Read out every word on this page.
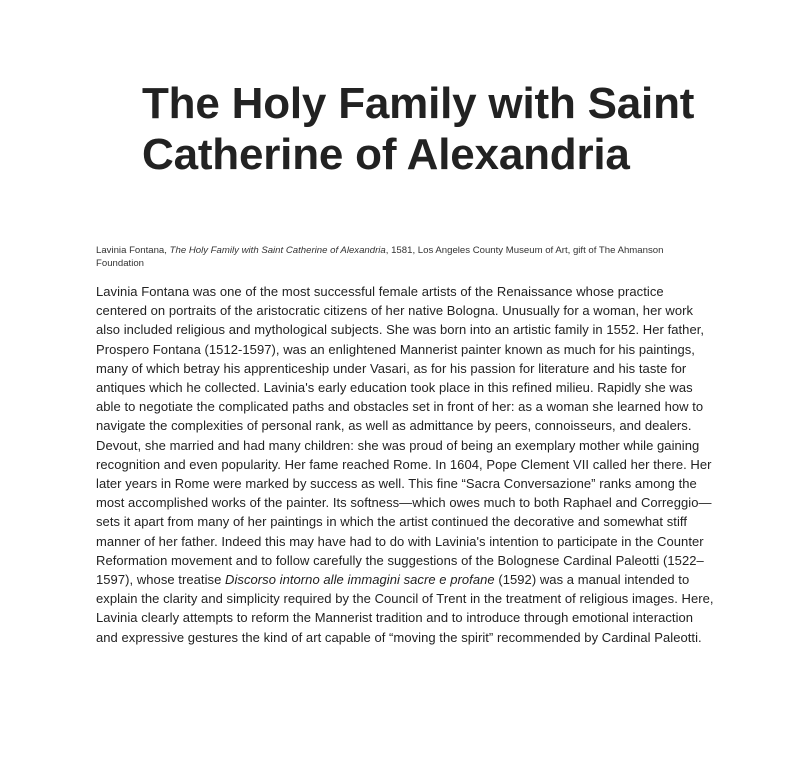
The Holy Family with Saint Catherine of Alexandria

Lavinia Fontana, The Holy Family with Saint Catherine of Alexandria, 1581, Los Angeles County Museum of Art, gift of The Ahmanson Foundation

Lavinia Fontana was one of the most successful female artists of the Renaissance whose practice centered on portraits of the aristocratic citizens of her native Bologna. Unusually for a woman, her work also included religious and mythological subjects. She was born into an artistic family in 1552. Her father, Prospero Fontana (1512-1597), was an enlightened Mannerist painter known as much for his paintings, many of which betray his apprenticeship under Vasari, as for his passion for literature and his taste for antiques which he collected. Lavinia's early education took place in this refined milieu. Rapidly she was able to negotiate the complicated paths and obstacles set in front of her: as a woman she learned how to navigate the complexities of personal rank, as well as admittance by peers, connoisseurs, and dealers. Devout, she married and had many children: she was proud of being an exemplary mother while gaining recognition and even popularity. Her fame reached Rome. In 1604, Pope Clement VII called her there. Her later years in Rome were marked by success as well. This fine “Sacra Conversazione” ranks among the most accomplished works of the painter. Its softness—which owes much to both Raphael and Correggio—sets it apart from many of her paintings in which the artist continued the decorative and somewhat stiff manner of her father. Indeed this may have had to do with Lavinia's intention to participate in the Counter Reformation movement and to follow carefully the suggestions of the Bolognese Cardinal Paleotti (1522–1597), whose treatise Discorso intorno alle immagini sacre e profane (1592) was a manual intended to explain the clarity and simplicity required by the Council of Trent in the treatment of religious images. Here, Lavinia clearly attempts to reform the Mannerist tradition and to introduce through emotional interaction and expressive gestures the kind of art capable of “moving the spirit” recommended by Cardinal Paleotti.
